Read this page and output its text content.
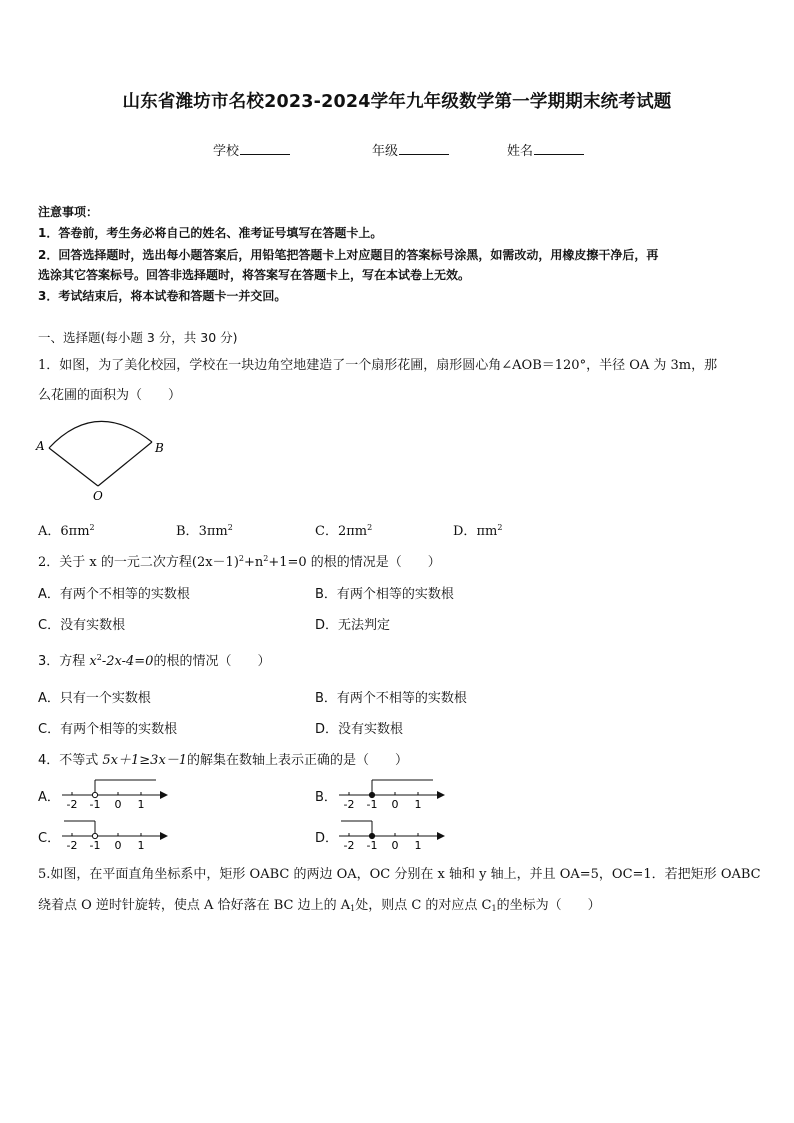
山东省潍坊市名校2023-2024学年九年级数学第一学期期末统考试题
学校	年级	姓名
注意事项：
1．答卷前，考生务必将自己的姓名、准考证号填写在答题卡上。
2．回答选择题时，选出每小题答案后，用铅笔把答题卡上对应题目的答案标号涂黑，如需改动，用橡皮擦干净后，再
选涂其它答案标号。回答非选择题时，将答案写在答题卡上，写在本试卷上无效。
3．考试结束后，将本试卷和答题卡一并交回。
一、选择题(每小题 3 分，共 30 分)
1．如图，为了美化校园，学校在一块边角空地建造了一个扇形花圃，扇形圆心角∠AOB＝120°，半径 OA 为 3m，那
么花圃的面积为（　　）
A	B
O
A．$6\pi m^2$	B．$3\pi m^2$	C．$2\pi m^2$	D．$\pi m^2$
2．关于 x 的一元二次方程$(2x-1)^2+n^2+1=0$ 的根的情况是（　　）
A．有两个不相等的实数根	B．有两个相等的实数根
C．没有实数根	D．无法判定
3．方程 $x^2-2x-4=0$的根的情况（　　）
A．只有一个实数根	B．有两个不相等的实数根
C．有两个相等的实数根	D．没有实数根
4．不等式 5x＋1≥3x－1的解集在数轴上表示正确的是（　　）
A． -2 -1 0 1	B． -2 -1 0 1
C． -2 -1 0 1	D． -2 -1 0 1
5.如图，在平面直角坐标系中，矩形 OABC 的两边 OA，OC 分别在 x 轴和 y 轴上，并且 OA=5，OC=1．若把矩形 OABC
绕着点 O 逆时针旋转，使点 A 恰好落在 BC 边上的 $A_1$处，则点 C 的对应点 $C_1$的坐标为（　　）
